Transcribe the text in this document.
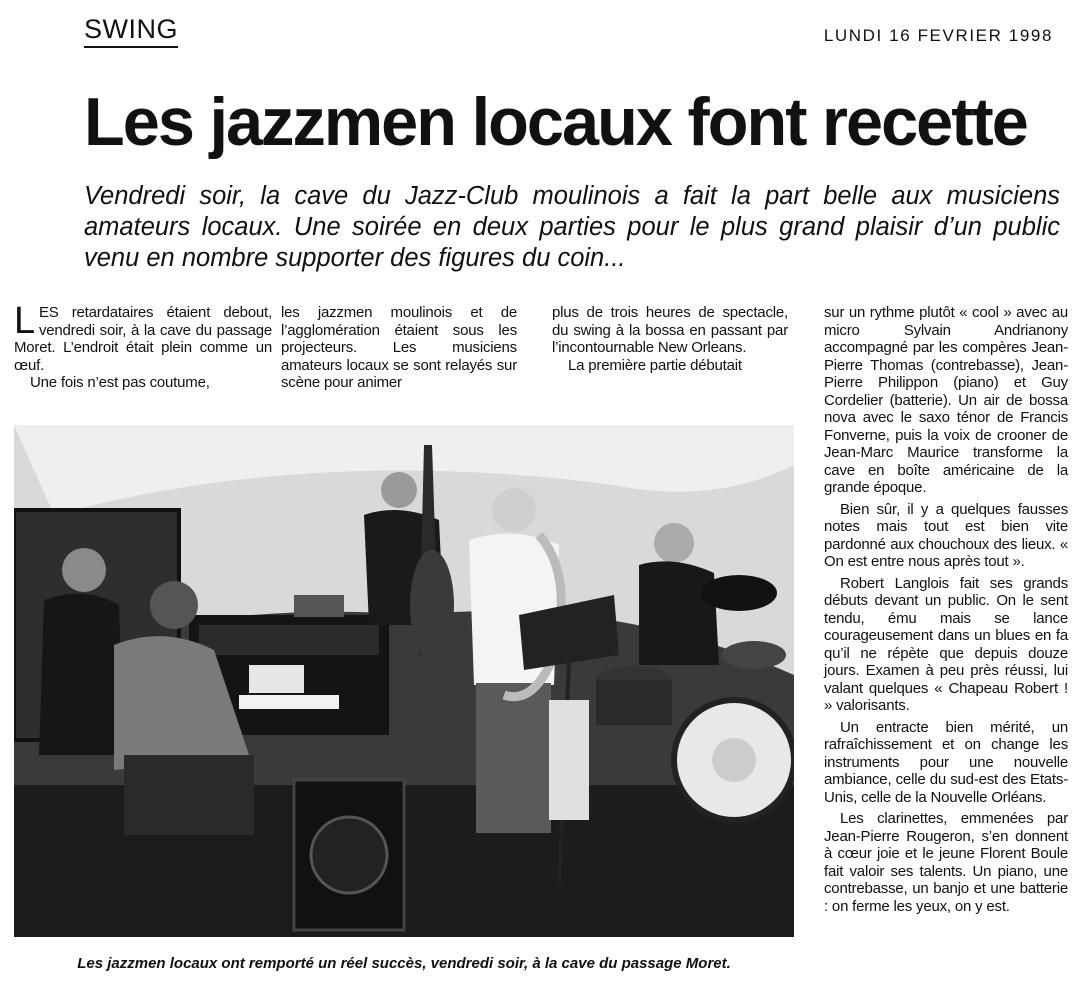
SWING	LUNDI 16 FEVRIER 1998
Les jazzmen locaux font recette

Vendredi soir, la cave du Jazz-Club moulinois a fait la part belle aux musiciens amateurs locaux. Une soirée en deux parties pour le plus grand plaisir d’un public venu en nombre supporter des figures du coin...

LES retardataires étaient debout, vendredi soir, à la cave du passage Moret. L’endroit était plein comme un œuf.

Une fois n’est pas coutume,

les jazzmen moulinois et de l’agglomération étaient sous les projecteurs. Les musiciens amateurs locaux se sont relayés sur scène pour animer

plus de trois heures de spectacle, du swing à la bossa en passant par l’incontournable New Orleans.

La première partie débutait

sur un rythme plutôt « cool » avec au micro Sylvain Andrianony accompagné par les compères Jean-Pierre Thomas (contrebasse), Jean-Pierre Philippon (piano) et Guy Cordelier (batterie). Un air de bossa nova avec le saxo ténor de Francis Fonverne, puis la voix de crooner de Jean-Marc Maurice transforme la cave en boîte américaine de la grande époque.

Bien sûr, il y a quelques fausses notes mais tout est bien vite pardonné aux chouchoux des lieux. « On est entre nous après tout ».

Robert Langlois fait ses grands débuts devant un public. On le sent tendu, ému mais se lance courageusement dans un blues en fa qu’il ne répète que depuis douze jours. Examen à peu près réussi, lui valant quelques « Chapeau Robert ! » valorisants.

Un entracte bien mérité, un rafraîchissement et on change les instruments pour une nouvelle ambiance, celle du sud-est des Etats-Unis, celle de la Nouvelle Orléans.

Les clarinettes, emmenées par Jean-Pierre Rougeron, s’en donnent à cœur joie et le jeune Florent Boule fait valoir ses talents. Un piano, une contrebasse, un banjo et une batterie : on ferme les yeux, on y est.

Les jazzmen locaux ont remporté un réel succès, vendredi soir, à la cave du passage Moret.
